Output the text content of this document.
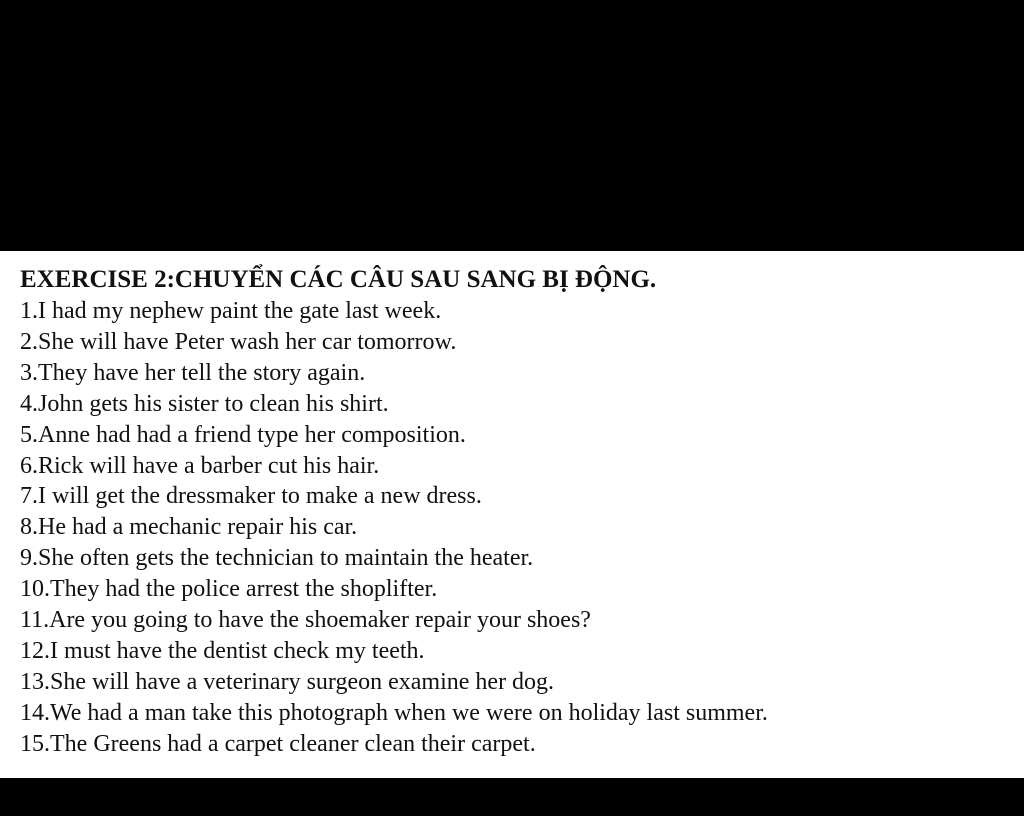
EXERCISE 2:CHUYỂN CÁC CÂU SAU SANG BỊ ĐỘNG.
1.I had my nephew paint the gate last week.
2.She will have Peter wash her car tomorrow.
3.They have her tell the story again.
4.John gets his sister to clean his shirt.
5.Anne had had a friend type her composition.
6.Rick will have a barber cut his hair.
7.I will get the dressmaker to make a new dress.
8.He had a mechanic repair his car.
9.She often gets the technician to maintain the heater.
10.They had the police arrest the shoplifter.
11.Are you going to have the shoemaker repair your shoes?
12.I must have the dentist check my teeth.
13.She will have a veterinary surgeon examine her dog.
14.We had a man take this photograph when we were on holiday last summer.
15.The Greens had a carpet cleaner clean their carpet.
